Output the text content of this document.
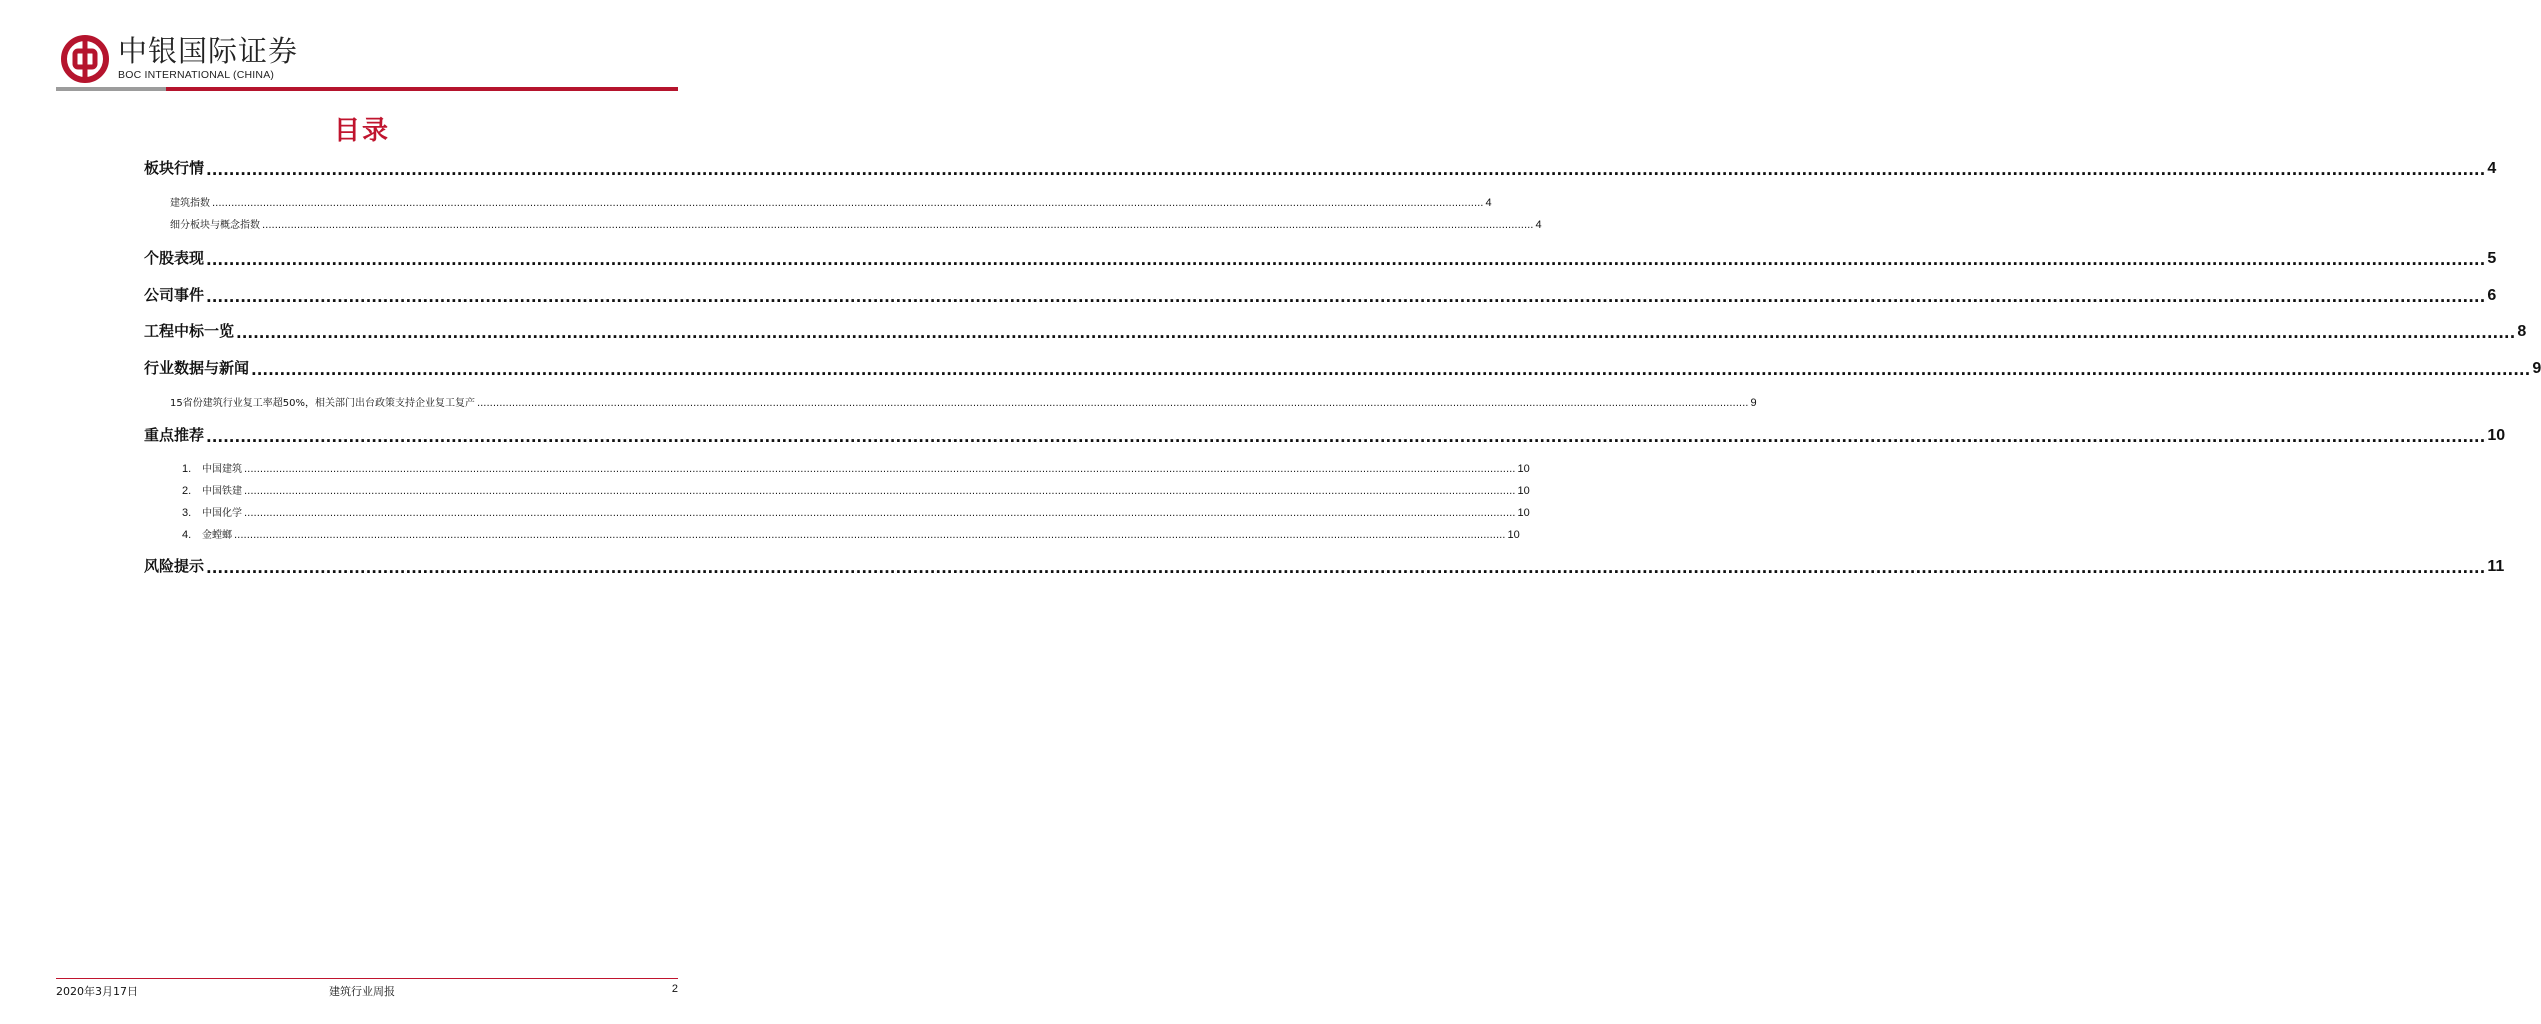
中银国际证券
BOC INTERNATIONAL (CHINA)
目录
板块行情 ................................................................................................................................................................................................................................................................................................................................................................................................................ 4
建筑指数 ................................................................................................................................................................................................................................................................................................................................................................................................................ 4
细分板块与概念指数 ................................................................................................................................................................................................................................................................................................................................................................................................................ 4
个股表现 ................................................................................................................................................................................................................................................................................................................................................................................................................ 5
公司事件 ................................................................................................................................................................................................................................................................................................................................................................................................................ 6
工程中标一览 ................................................................................................................................................................................................................................................................................................................................................................................................................ 8
行业数据与新闻 ................................................................................................................................................................................................................................................................................................................................................................................................................ 9
15省份建筑行业复工率超50%，相关部门出台政策支持企业复工复产 ................................................................................................................................................................................................................................................................................................................................................................................................................ 9
重点推荐 ................................................................................................................................................................................................................................................................................................................................................................................................................ 10
1. 中国建筑 ................................................................................................................................................................................................................................................................................................................................................................................................................ 10
2. 中国铁建 ................................................................................................................................................................................................................................................................................................................................................................................................................ 10
3. 中国化学 ................................................................................................................................................................................................................................................................................................................................................................................................................ 10
4. 金螳螂 ................................................................................................................................................................................................................................................................................................................................................................................................................ 10
风险提示 ................................................................................................................................................................................................................................................................................................................................................................................................................ 11
2020年3月17日	建筑行业周报	2
